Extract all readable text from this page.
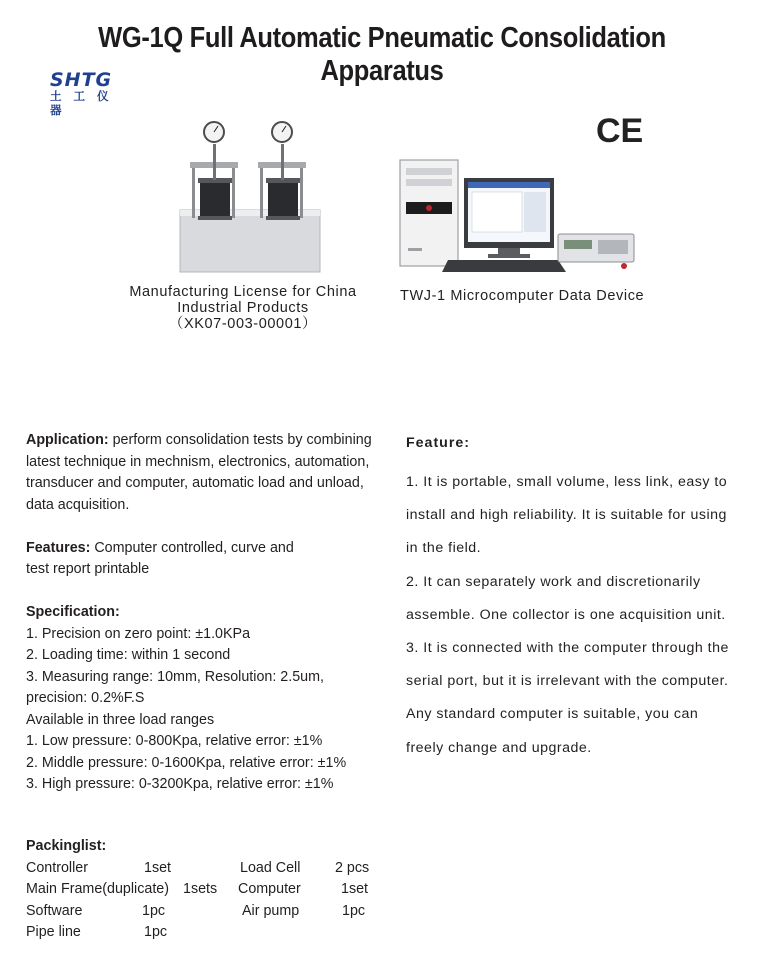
WG-1Q Full Automatic Pneumatic Consolidation Apparatus
SHTG
土 工 仪 器
CE
Manufacturing License for China
Industrial Products
（XK07-003-00001）
TWJ-1 Microcomputer Data Device

Application: perform consolidation tests by combining

latest technique in mechnism, electronics, automation,

transducer and computer, automatic load and unload,

data acquisition.

Features: Computer controlled, curve and

test report printable

Specification:

1. Precision on zero point: ±1.0KPa

2. Loading time: within 1 second

3. Measuring range: 10mm, Resolution: 2.5um,

precision: 0.2%F.S

Available in three load ranges

1. Low pressure: 0-800Kpa, relative error: ±1%

2. Middle pressure: 0-1600Kpa, relative error: ±1%

3. High pressure: 0-3200Kpa, relative error: ±1%

Packinglist:
Controller	1set	Load Cell 2 pcs
Main Frame(duplicate) 1sets Computer	1set
Software	1pc	Air pump	1pc
Pipe line	1pc

Feature:

1. It is portable, small volume, less link, easy to

install and high reliability. It is suitable for using

in the field.

2. It can separately work and discretionarily

assemble. One collector is one acquisition unit.

3. It is connected with the computer through the

serial port, but it is irrelevant with the computer.

Any standard computer is suitable, you can

freely change and upgrade.
